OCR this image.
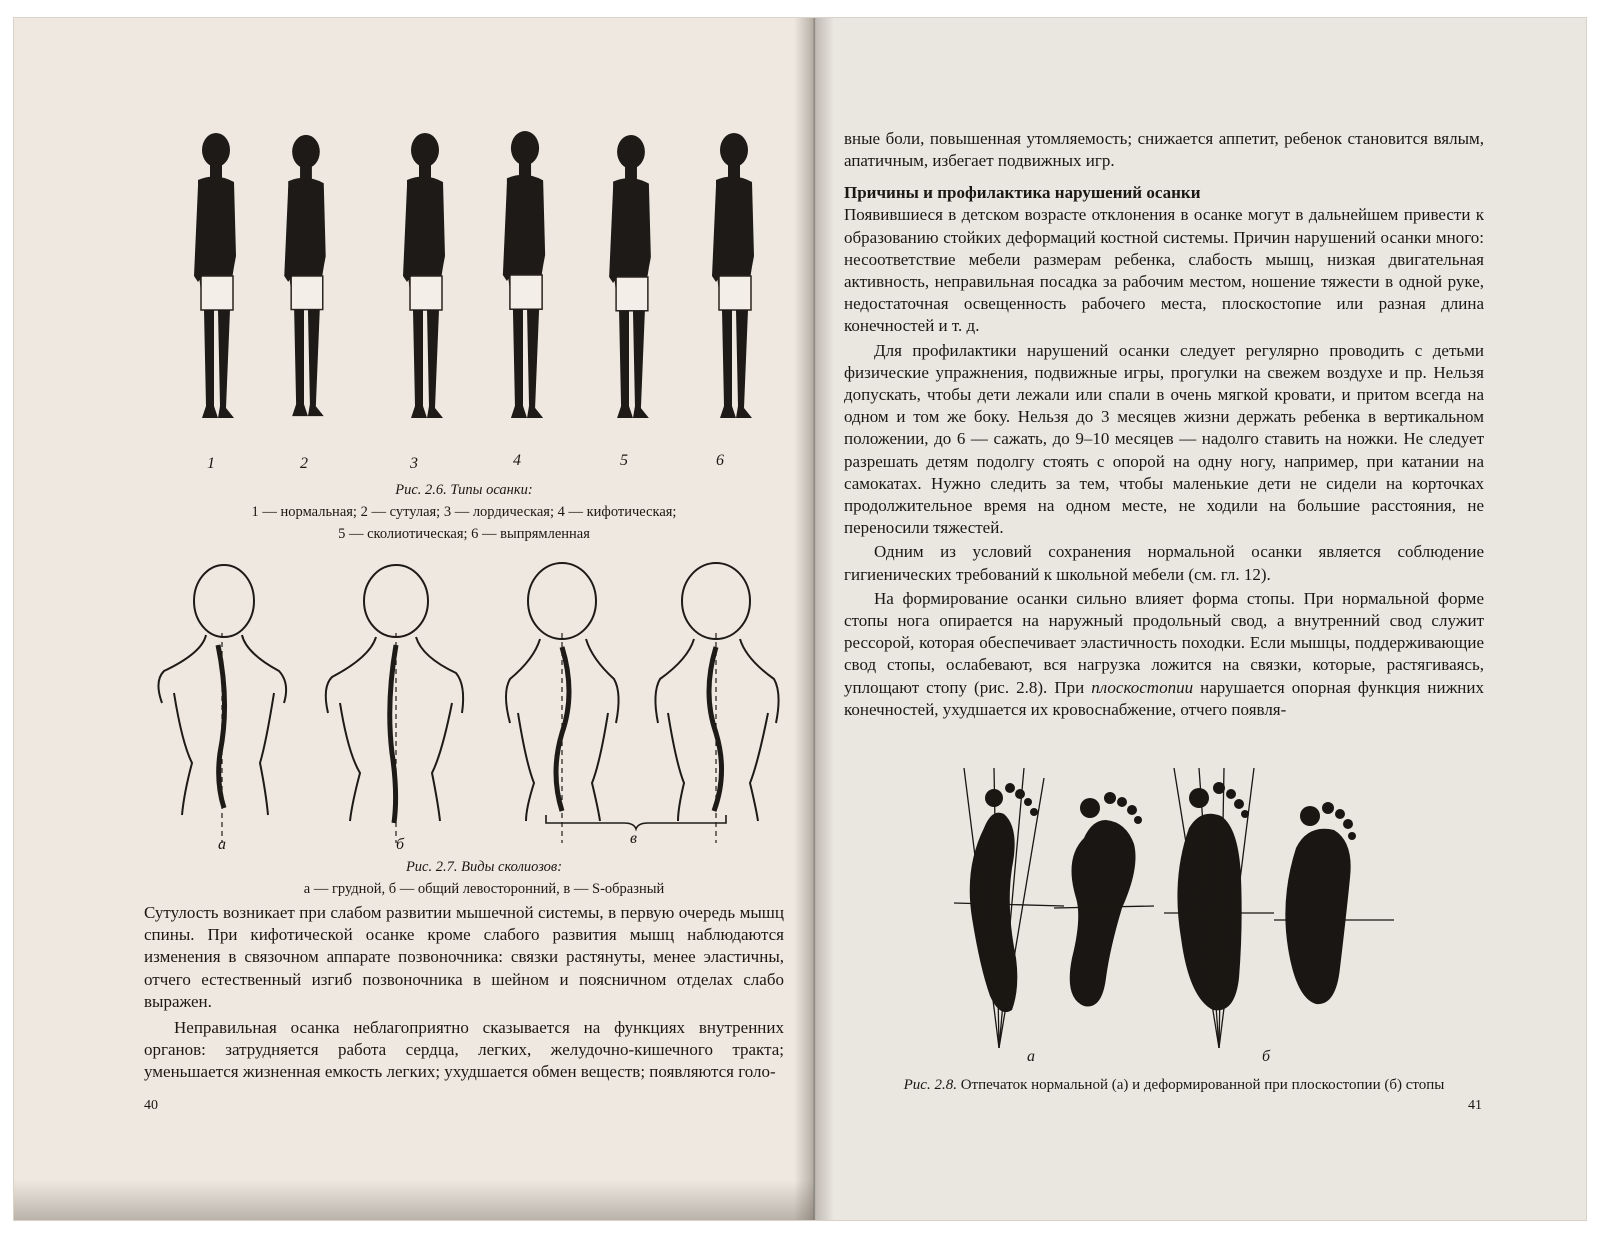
1	2	3	4	5	6
Рис. 2.6. Типы осанки:
1 — нормальная; 2 — сутулая; 3 — лордическая; 4 — кифотическая;
5 — сколиотическая; 6 — выпрямленная
а	б	в
Рис. 2.7. Виды сколиозов:
а — грудной, б — общий левосторонний, в — S-образный

Сутулость возникает при слабом развитии мышечной системы, в первую очередь мышц спины. При кифотической осанке кроме слабого развития мышц наблюдаются изменения в связочном аппарате позвоночника: связки растянуты, менее эластичны, отчего естественный изгиб позвоночника в шейном и поясничном отделах слабо выражен.

Неправильная осанка неблагоприятно сказывается на функциях внутренних органов: затрудняется работа сердца, легких, желудочно-кишечного тракта; уменьшается жизненная емкость легких; ухудшается обмен веществ; появляются голо-

40

вные боли, повышенная утомляемость; снижается аппетит, ребенок становится вялым, апатичным, избегает подвижных игр.

Причины и профилактика нарушений осанки

Появившиеся в детском возрасте отклонения в осанке могут в дальнейшем привести к образованию стойких деформаций костной системы. Причин нарушений осанки много: несоответствие мебели размерам ребенка, слабость мышц, низкая двигательная активность, неправильная посадка за рабочим местом, ношение тяжести в одной руке, недостаточная освещенность рабочего места, плоскостопие или разная длина конечностей и т. д.

Для профилактики нарушений осанки следует регулярно проводить с детьми физические упражнения, подвижные игры, прогулки на свежем воздухе и пр. Нельзя допускать, чтобы дети лежали или спали в очень мягкой кровати, и притом всегда на одном и том же боку. Нельзя до 3 месяцев жизни держать ребенка в вертикальном положении, до 6 — сажать, до 9–10 месяцев — надолго ставить на ножки. Не следует разрешать детям подолгу стоять с опорой на одну ногу, например, при катании на самокатах. Нужно следить за тем, чтобы маленькие дети не сидели на корточках продолжительное время на одном месте, не ходили на большие расстояния, не переносили тяжестей.

Одним из условий сохранения нормальной осанки является соблюдение гигиенических требований к школьной мебели (см. гл. 12).

На формирование осанки сильно влияет форма стопы. При нормальной форме стопы нога опирается на наружный продольный свод, а внутренний свод служит рессорой, которая обеспечивает эластичность походки. Если мышцы, поддерживающие свод стопы, ослабевают, вся нагрузка ложится на связки, которые, растягиваясь, уплощают стопу (рис. 2.8). При плоскостопии нарушается опорная функция нижних конечностей, ухудшается их кровоснабжение, отчего появля-

а	б
Рис. 2.8. Отпечаток нормальной (а) и деформированной при плоскостопии (б) стопы
41
